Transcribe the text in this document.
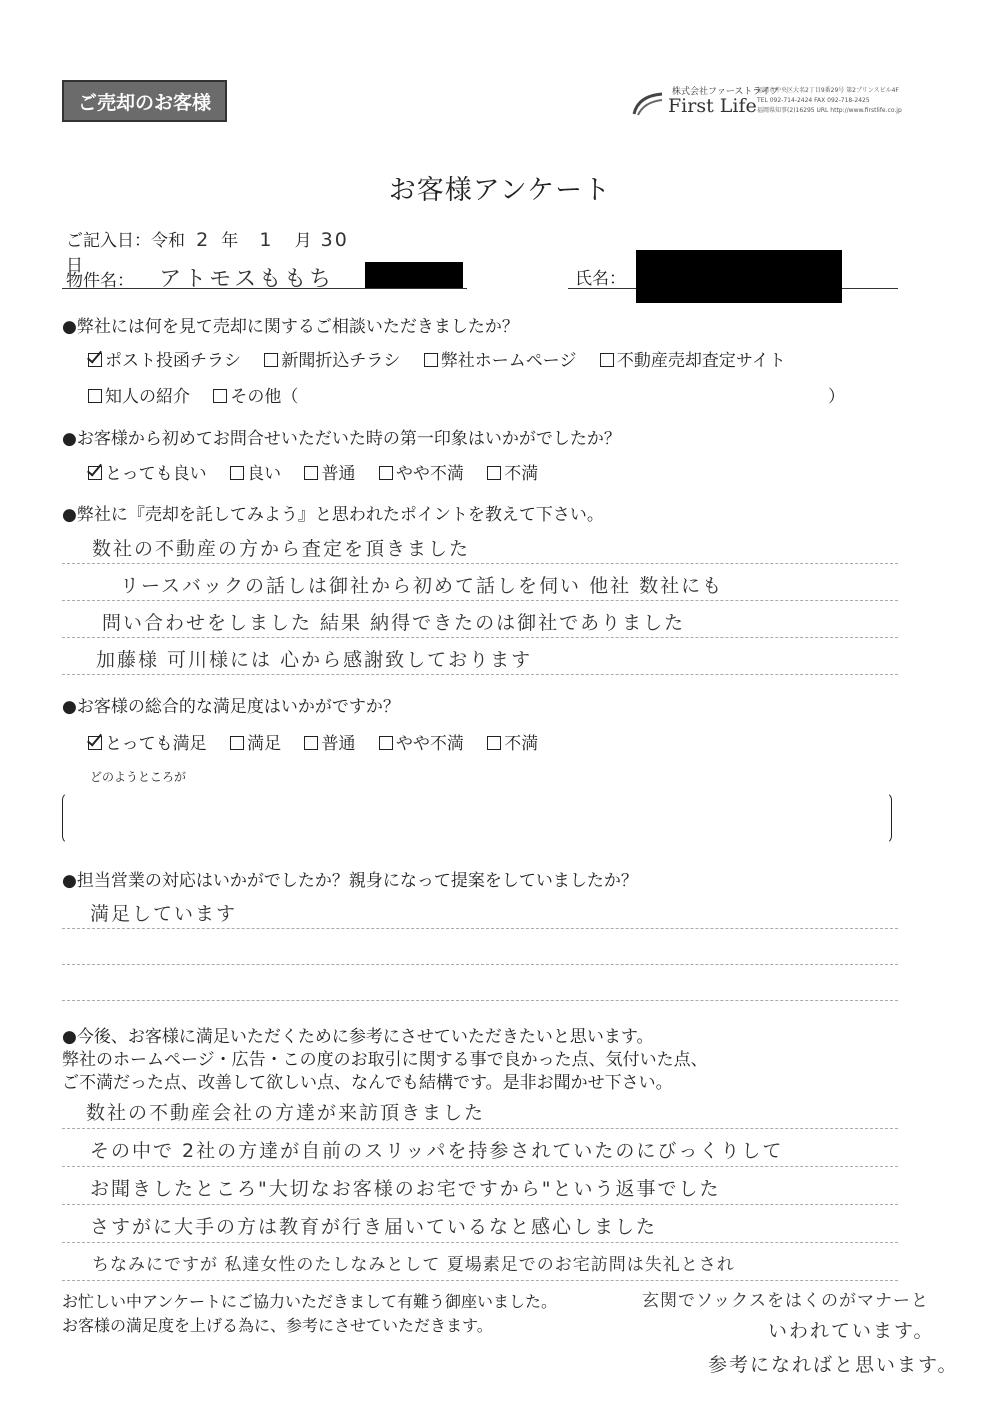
ご売却のお客様	株式会社ファーストライフ
First Life
福岡市中央区大名2丁目9番29号 第2プリンスビル4F
TEL 092-714-2424 FAX 092-718-2425
福岡県知事(2)16295 URL http://www.firstlife.co.jp
お客様アンケート
ご記入日：令和 2 年 1 月 30 日
物件名： アトモスももち	氏名：
●弊社には何を見て売却に関するご相談いただきましたか？
ポスト投函チラシ 新聞折込チラシ 弊社ホームページ 不動産売却査定サイト
知人の紹介 その他（	）
●お客様から初めてお問合せいただいた時の第一印象はいかがでしたか？
とっても良い 良い 普通 やや不満 不満
●弊社に『売却を託してみよう』と思われたポイントを教えて下さい。
数社の不動産の方から査定を頂きました
リースバックの話しは御社から初めて話しを伺い 他社 数社にも
問い合わせをしました 結果 納得できたのは御社でありました
加藤様 可川様には 心から感謝致しております
●お客様の総合的な満足度はいかがですか？
とっても満足 満足 普通 やや不満 不満
どのようところが
●担当営業の対応はいかがでしたか？親身になって提案をしていましたか？
満足しています
●今後、お客様に満足いただくために参考にさせていただきたいと思います。
弊社のホームページ・広告・この度のお取引に関する事で良かった点、気付いた点、
ご不満だった点、改善して欲しい点、なんでも結構です。是非お聞かせ下さい。
数社の不動産会社の方達が来訪頂きました
その中で 2社の方達が自前のスリッパを持参されていたのにびっくりして
お聞きしたところ"大切なお客様のお宅ですから"という返事でした
さすがに大手の方は教育が行き届いているなと感心しました
ちなみにですが 私達女性のたしなみとして 夏場素足でのお宅訪問は失礼とされ
玄関でソックスをはくのがマナーと
いわれています。
参考になればと思います。
お忙しい中アンケートにご協力いただきまして有難う御座いました。
お客様の満足度を上げる為に、参考にさせていただきます。
